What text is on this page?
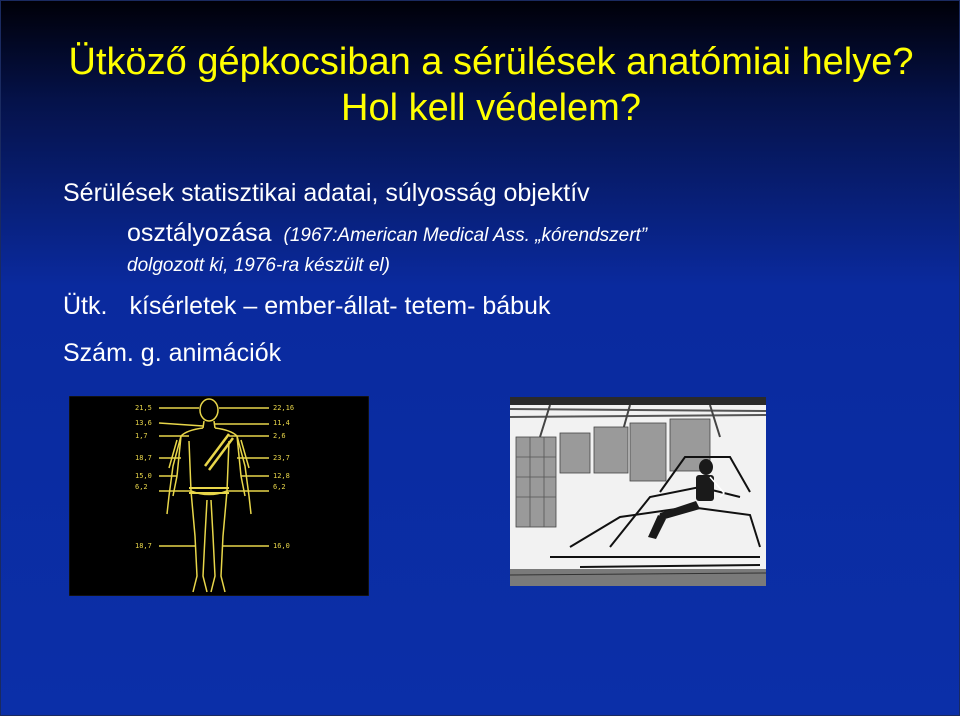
Ütköző gépkocsiban a sérülések anatómiai helye? Hol kell védelem?
Sérülések statisztikai adatai, súlyosság objektív
osztályozása (1967:American Medical Ass. „kórendszert”
dolgozott ki, 1976-ra készült el)
Ütk. kísérletek – ember-állat- tetem- bábuk
Szám. g. animációk
21,5
13,6
1,7
18,7
15,0
6,2
18,7
22,16
11,4
2,6
23,7
12,8
6,2
16,0
